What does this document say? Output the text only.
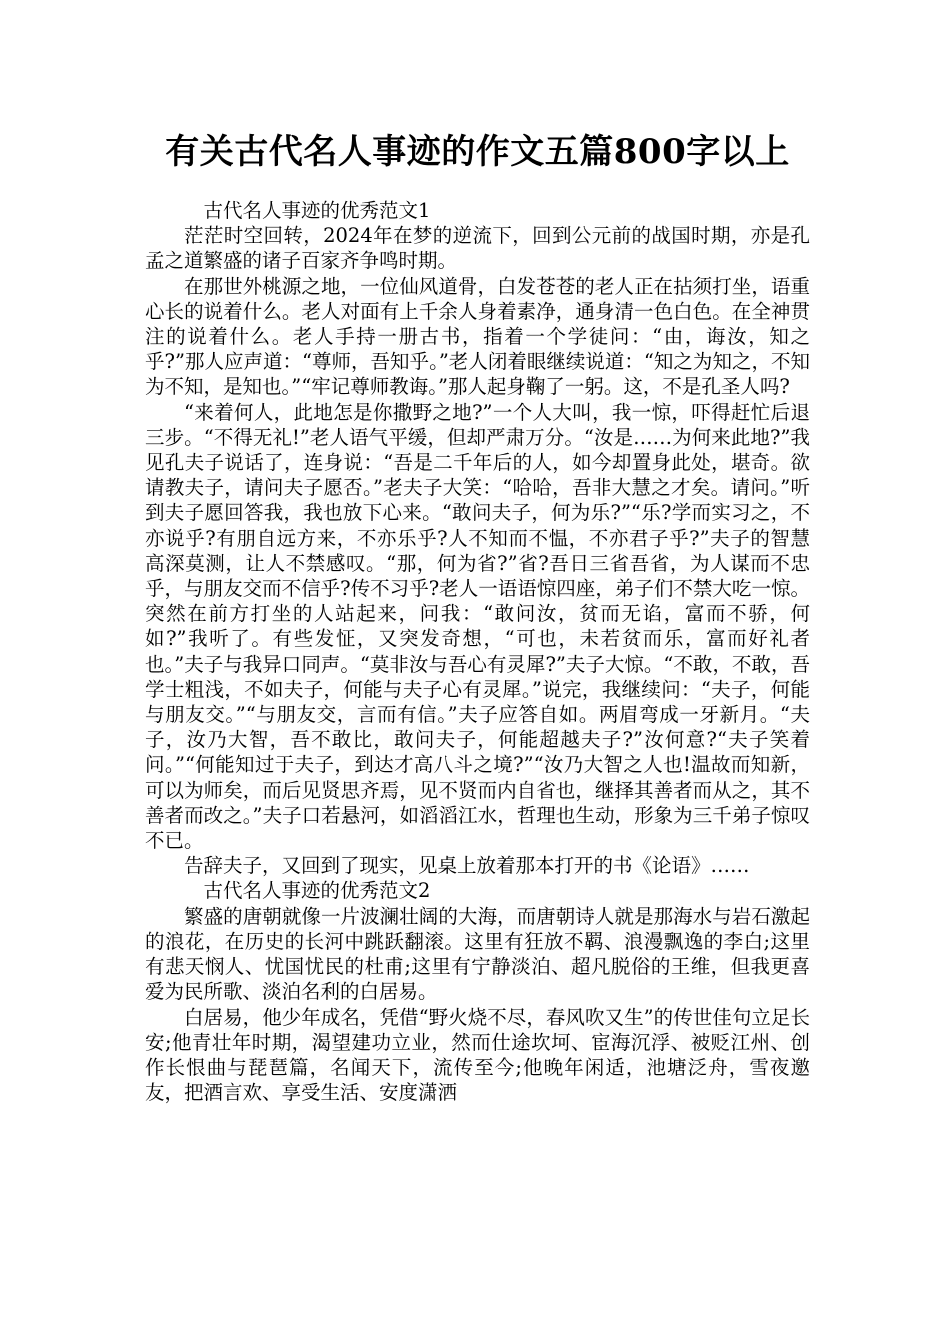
有关古代名人事迹的作文五篇800字以上

古代名人事迹的优秀范文1

茫茫时空回转，2024年在梦的逆流下，回到公元前的战国时期，亦是孔孟之道繁盛的诸子百家齐争鸣时期。

在那世外桃源之地，一位仙风道骨，白发苍苍的老人正在拈须打坐，语重心长的说着什么。老人对面有上千余人身着素净，通身清一色白色。在全神贯注的说着什么。老人手持一册古书，指着一个学徒问：“由，诲汝，知之乎?”那人应声道：“尊师，吾知乎。”老人闭着眼继续说道：“知之为知之，不知为不知，是知也。”“牢记尊师教诲。”那人起身鞠了一躬。这，不是孔圣人吗?

“来着何人，此地怎是你撒野之地?”一个人大叫，我一惊，吓得赶忙后退三步。“不得无礼!”老人语气平缓，但却严肃万分。“汝是……为何来此地?”我见孔夫子说话了，连身说：“吾是二千年后的人，如今却置身此处，堪奇。欲请教夫子，请问夫子愿否。”老夫子大笑：“哈哈，吾非大慧之才矣。请问。”听到夫子愿回答我，我也放下心来。“敢问夫子，何为乐?”“乐?学而实习之，不亦说乎?有朋自远方来，不亦乐乎?人不知而不愠，不亦君子乎?”夫子的智慧高深莫测，让人不禁感叹。“那，何为省?”省?吾日三省吾省，为人谋而不忠乎，与朋友交而不信乎?传不习乎?老人一语语惊四座，弟子们不禁大吃一惊。突然在前方打坐的人站起来，问我：“敢问汝，贫而无谄，富而不骄，何如?”我听了。有些发怔，又突发奇想，“可也，未若贫而乐，富而好礼者也。”夫子与我异口同声。“莫非汝与吾心有灵犀?”夫子大惊。“不敢，不敢，吾学士粗浅，不如夫子，何能与夫子心有灵犀。”说完，我继续问：“夫子，何能与朋友交。”“与朋友交，言而有信。”夫子应答自如。两眉弯成一牙新月。“夫子，汝乃大智，吾不敢比，敢问夫子，何能超越夫子?”汝何意?“夫子笑着问。”“何能知过于夫子，到达才高八斗之境?”“汝乃大智之人也!温故而知新，可以为师矣，而后见贤思齐焉，见不贤而内自省也，继择其善者而从之，其不善者而改之。”夫子口若悬河，如滔滔江水，哲理也生动，形象为三千弟子惊叹不已。

告辞夫子，又回到了现实，见桌上放着那本打开的书《论语》……

古代名人事迹的优秀范文2

繁盛的唐朝就像一片波澜壮阔的大海，而唐朝诗人就是那海水与岩石激起的浪花，在历史的长河中跳跃翻滚。这里有狂放不羁、浪漫飘逸的李白;这里有悲天悯人、忧国忧民的杜甫;这里有宁静淡泊、超凡脱俗的王维，但我更喜爱为民所歌、淡泊名利的白居易。

白居易，他少年成名，凭借“野火烧不尽，春风吹又生”的传世佳句立足长安;他青壮年时期，渴望建功立业，然而仕途坎坷、宦海沉浮、被贬江州、创作长恨曲与琵琶篇，名闻天下，流传至今;他晚年闲适，池塘泛舟，雪夜邀友，把酒言欢、享受生活、安度潇洒
